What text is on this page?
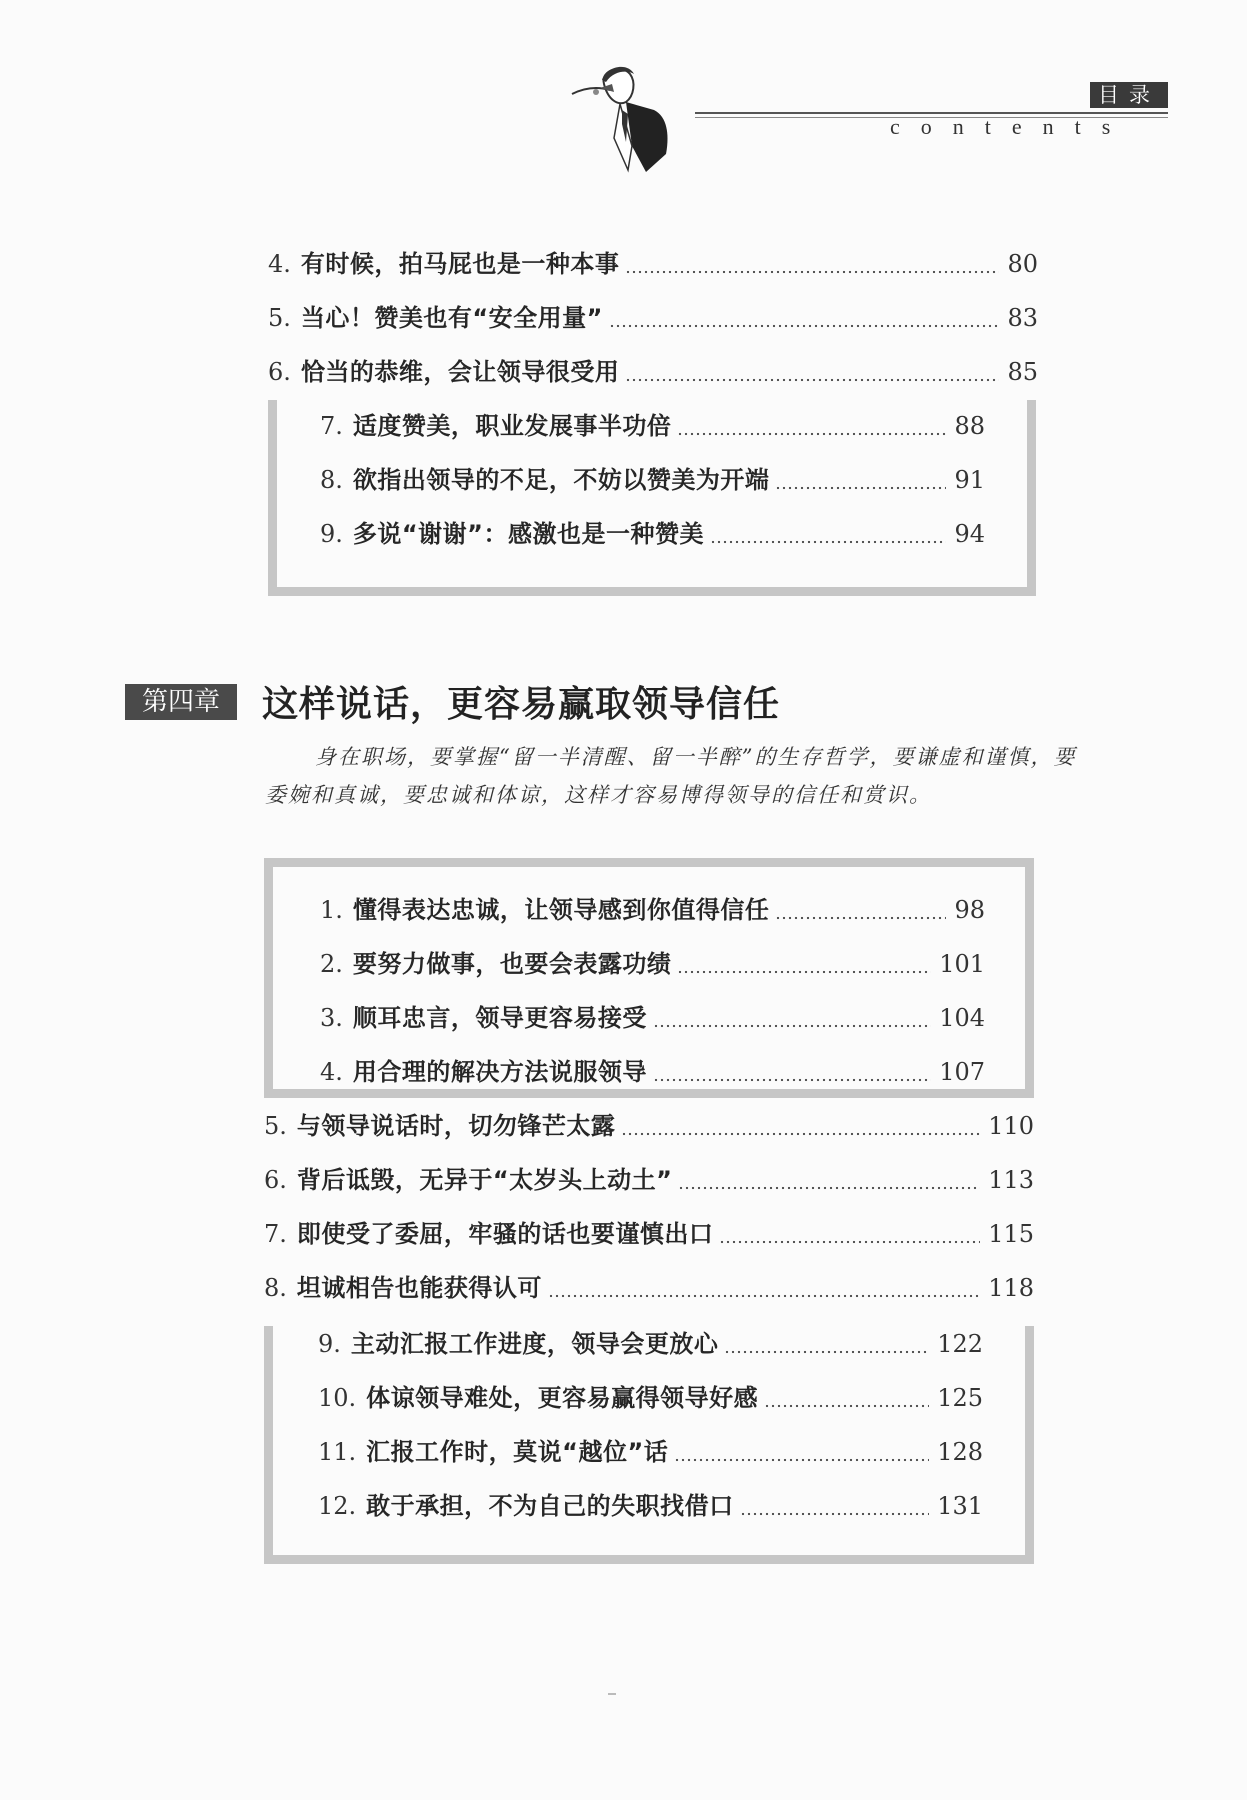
目录
contents
4. 有时候，拍马屁也是一种本事	80
5. 当心！赞美也有“安全用量”	83
6. 恰当的恭维，会让领导很受用	85
7. 适度赞美，职业发展事半功倍	88
8. 欲指出领导的不足，不妨以赞美为开端	91
9. 多说“谢谢”：感激也是一种赞美	94
第四章	这样说话，更容易赢取领导信任
身在职场，要掌握“留一半清醒、留一半醉”的生存哲学，要谦虚和谨慎，要委婉和真诚，要忠诚和体谅，这样才容易博得领导的信任和赏识。
1. 懂得表达忠诚，让领导感到你值得信任	98
2. 要努力做事，也要会表露功绩	101
3. 顺耳忠言，领导更容易接受	104
4. 用合理的解决方法说服领导	107
5. 与领导说话时，切勿锋芒太露	110
6. 背后诋毁，无异于“太岁头上动土”	113
7. 即使受了委屈，牢骚的话也要谨慎出口	115
8. 坦诚相告也能获得认可	118
9. 主动汇报工作进度，领导会更放心	122
10. 体谅领导难处，更容易赢得领导好感	125
11. 汇报工作时，莫说“越位”话	128
12. 敢于承担，不为自己的失职找借口	131
